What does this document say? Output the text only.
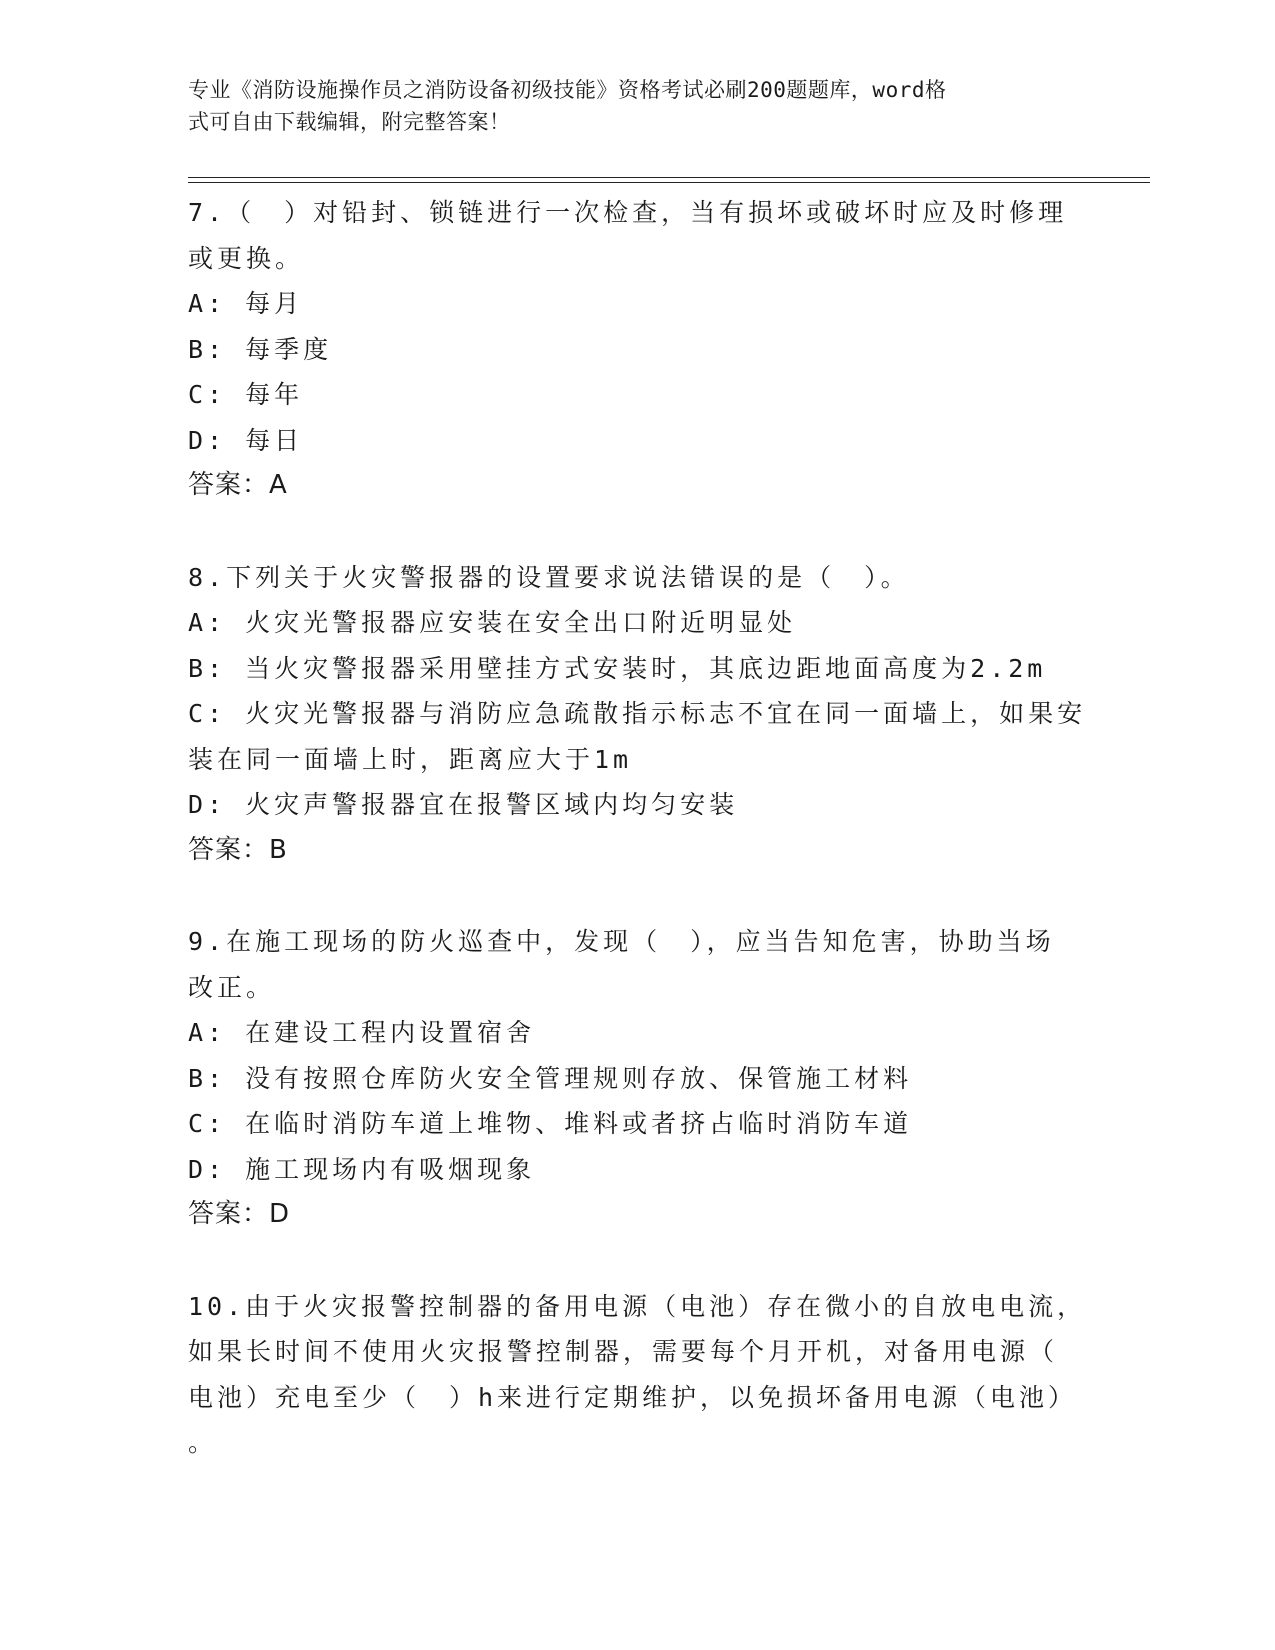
专业《消防设施操作员之消防设备初级技能》资格考试必刷200题题库，word格
式可自由下载编辑，附完整答案！
7.（　）对铅封、锁链进行一次检查，当有损坏或破坏时应及时修理
或更换。
A: 每月
B: 每季度
C: 每年
D: 每日
答案：A
8.下列关于火灾警报器的设置要求说法错误的是（　）。
A: 火灾光警报器应安装在安全出口附近明显处
B: 当火灾警报器采用壁挂方式安装时，其底边距地面高度为2.2m
C: 火灾光警报器与消防应急疏散指示标志不宜在同一面墙上，如果安
装在同一面墙上时，距离应大于1m
D: 火灾声警报器宜在报警区域内均匀安装
答案：B
9.在施工现场的防火巡查中，发现（　），应当告知危害，协助当场
改正。
A: 在建设工程内设置宿舍
B: 没有按照仓库防火安全管理规则存放、保管施工材料
C: 在临时消防车道上堆物、堆料或者挤占临时消防车道
D: 施工现场内有吸烟现象
答案：D
10.由于火灾报警控制器的备用电源（电池）存在微小的自放电电流，
如果长时间不使用火灾报警控制器，需要每个月开机，对备用电源（
电池）充电至少（　）h来进行定期维护，以免损坏备用电源（电池）
。
